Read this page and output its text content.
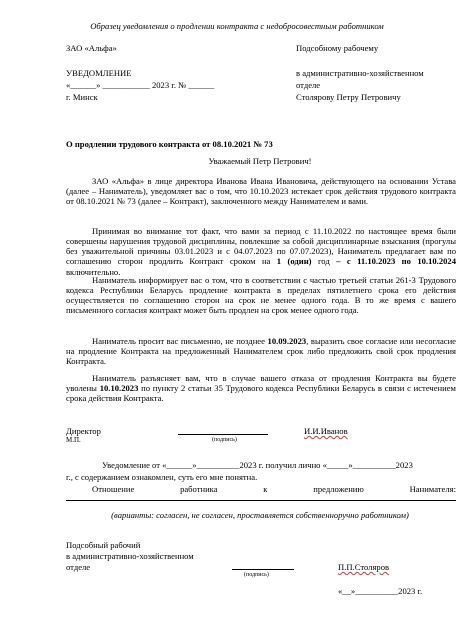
Образец уведомления о продлении контракта с недобросовестным работником
ЗАО «Альфа»
УВЕДОМЛЕНИЕ
«______» ___________ 2023 г. № ______
г. Минск
Подсобному рабочему
в административно-хозяйственном
отделе
Столярову Петру Петровичу
О продлении трудового контракта от 08.10.2021 № 73
Уважаемый Петр Петрович!
ЗАО «Альфа» в лице директора Иванова Ивана Ивановича, действующего на основании Устава (далее – Наниматель), уведомляет вас о том, что 10.10.2023 истекает срок действия трудового контракта от 08.10.2021 № 73 (далее – Контракт), заключенного между Нанимателем и вами.
Принимая во внимание тот факт, что вами за период с 11.10.2022 по настоящее время были совершены нарушения трудовой дисциплины, повлекшие за собой дисциплинарные взыскания (прогулы без уважительной причины 03.01.2023 и с 04.07.2023 по 07.07.2023), Наниматель предлагает вам по соглашению сторон продлить Контракт сроком на 1 (один) год – с 11.10.2023 по 10.10.2024 включительно.
Наниматель информирует вас о том, что в соответствии с частью третьей статьи 261-3 Трудового кодекса Республики Беларусь продление контракта в пределах пятилетнего срока его действия осуществляется по соглашению сторон на срок не менее одного года. В то же время с вашего письменного согласия контракт может быть продлен на срок менее одного года.
Наниматель просит вас письменно, не позднее 10.09.2023, выразить свое согласие или несогласие на продление Контракта на предложенный Нанимателем срок либо предложить свой срок продления Контракта.
Наниматель разъясняет вам, что в случае вашего отказа от продления Контракта вы будете уволены 10.10.2023 по пункту 2 статьи 35 Трудового кодекса Республики Беларусь в связи с истечением срока действия Контракта.
Директор
М.П.	(подпись)
И.И.Иванов
Уведомление от «______»__________2023 г. получил лично «_____»__________2023
г., с содержанием ознакомлен, суть его мне понятна.
Отношение	работника	к	предложению	Нанимателя:
(варианты: согласен, не согласен, проставляется собственноручно работником)
Подсобный рабочий
в административно-хозяйственном
отделе
(подпись)
П.П.Столяров
«__»__________2023 г.
